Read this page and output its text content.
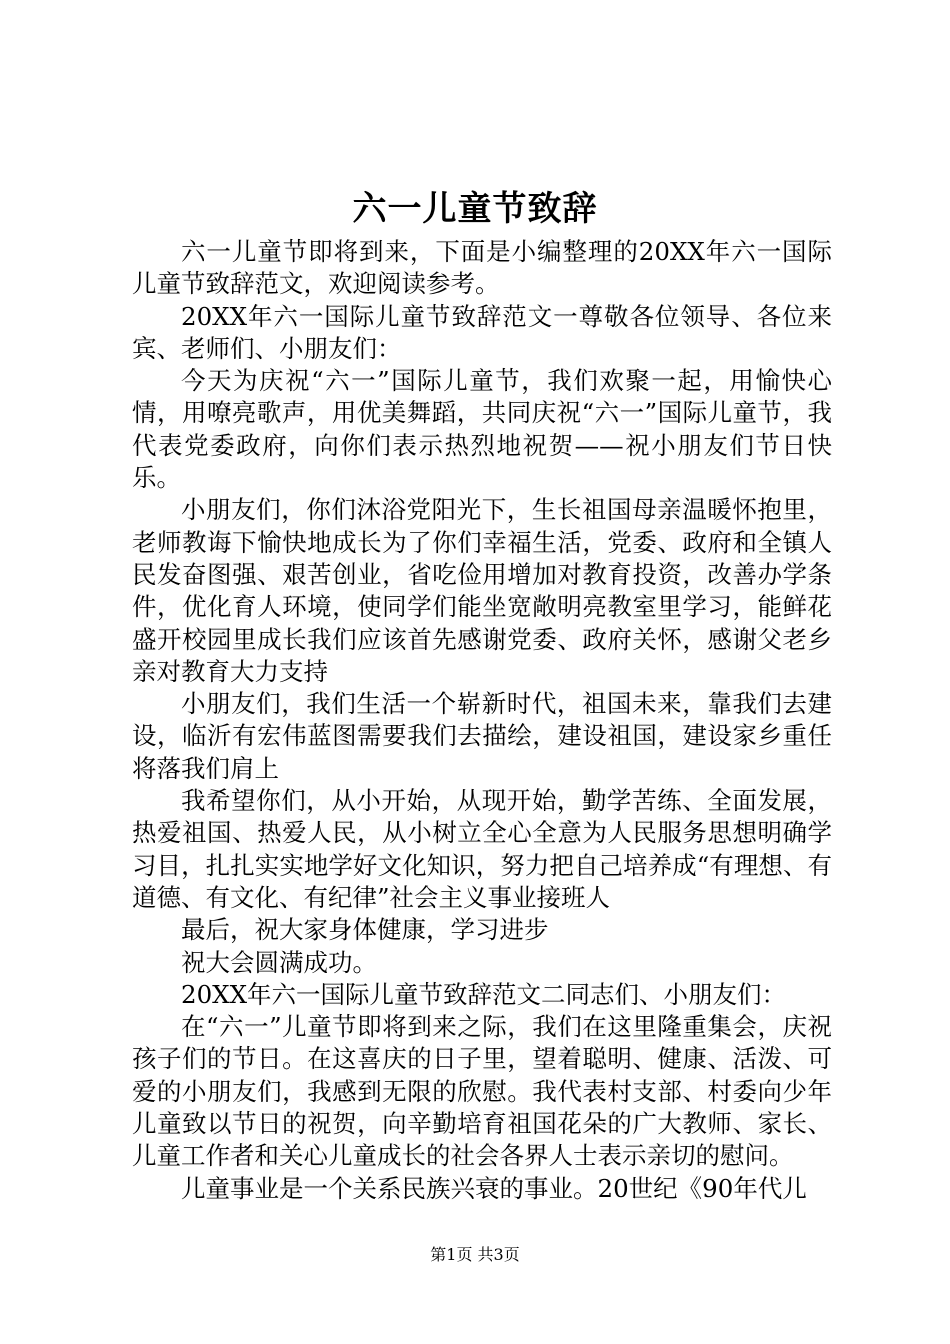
六一儿童节致辞

六一儿童节即将到来，下面是小编整理的20XX年六一国际儿童节致辞范文，欢迎阅读参考。

20XX年六一国际儿童节致辞范文一尊敬各位领导、各位来宾、老师们、小朋友们：

今天为庆祝“六一”国际儿童节，我们欢聚一起，用愉快心情，用嘹亮歌声，用优美舞蹈，共同庆祝“六一”国际儿童节，我代表党委政府，向你们表示热烈地祝贺——祝小朋友们节日快乐。

小朋友们，你们沐浴党阳光下，生长祖国母亲温暖怀抱里，老师教诲下愉快地成长为了你们幸福生活，党委、政府和全镇人民发奋图强、艰苦创业，省吃俭用增加对教育投资，改善办学条件，优化育人环境，使同学们能坐宽敞明亮教室里学习，能鲜花盛开校园里成长我们应该首先感谢党委、政府关怀，感谢父老乡亲对教育大力支持

小朋友们，我们生活一个崭新时代，祖国未来，靠我们去建设，临沂有宏伟蓝图需要我们去描绘，建设祖国，建设家乡重任将落我们肩上

我希望你们，从小开始，从现开始，勤学苦练、全面发展，热爱祖国、热爱人民，从小树立全心全意为人民服务思想明确学习目，扎扎实实地学好文化知识，努力把自己培养成“有理想、有道德、有文化、有纪律”社会主义事业接班人

最后，祝大家身体健康，学习进步

祝大会圆满成功。

20XX年六一国际儿童节致辞范文二同志们、小朋友们：

在“六一”儿童节即将到来之际，我们在这里隆重集会，庆祝孩子们的节日。在这喜庆的日子里，望着聪明、健康、活泼、可爱的小朋友们，我感到无限的欣慰。我代表村支部、村委向少年儿童致以节日的祝贺，向辛勤培育祖国花朵的广大教师、家长、儿童工作者和关心儿童成长的社会各界人士表示亲切的慰问。

儿童事业是一个关系民族兴衰的事业。20世纪《90年代儿

第1页 共3页
